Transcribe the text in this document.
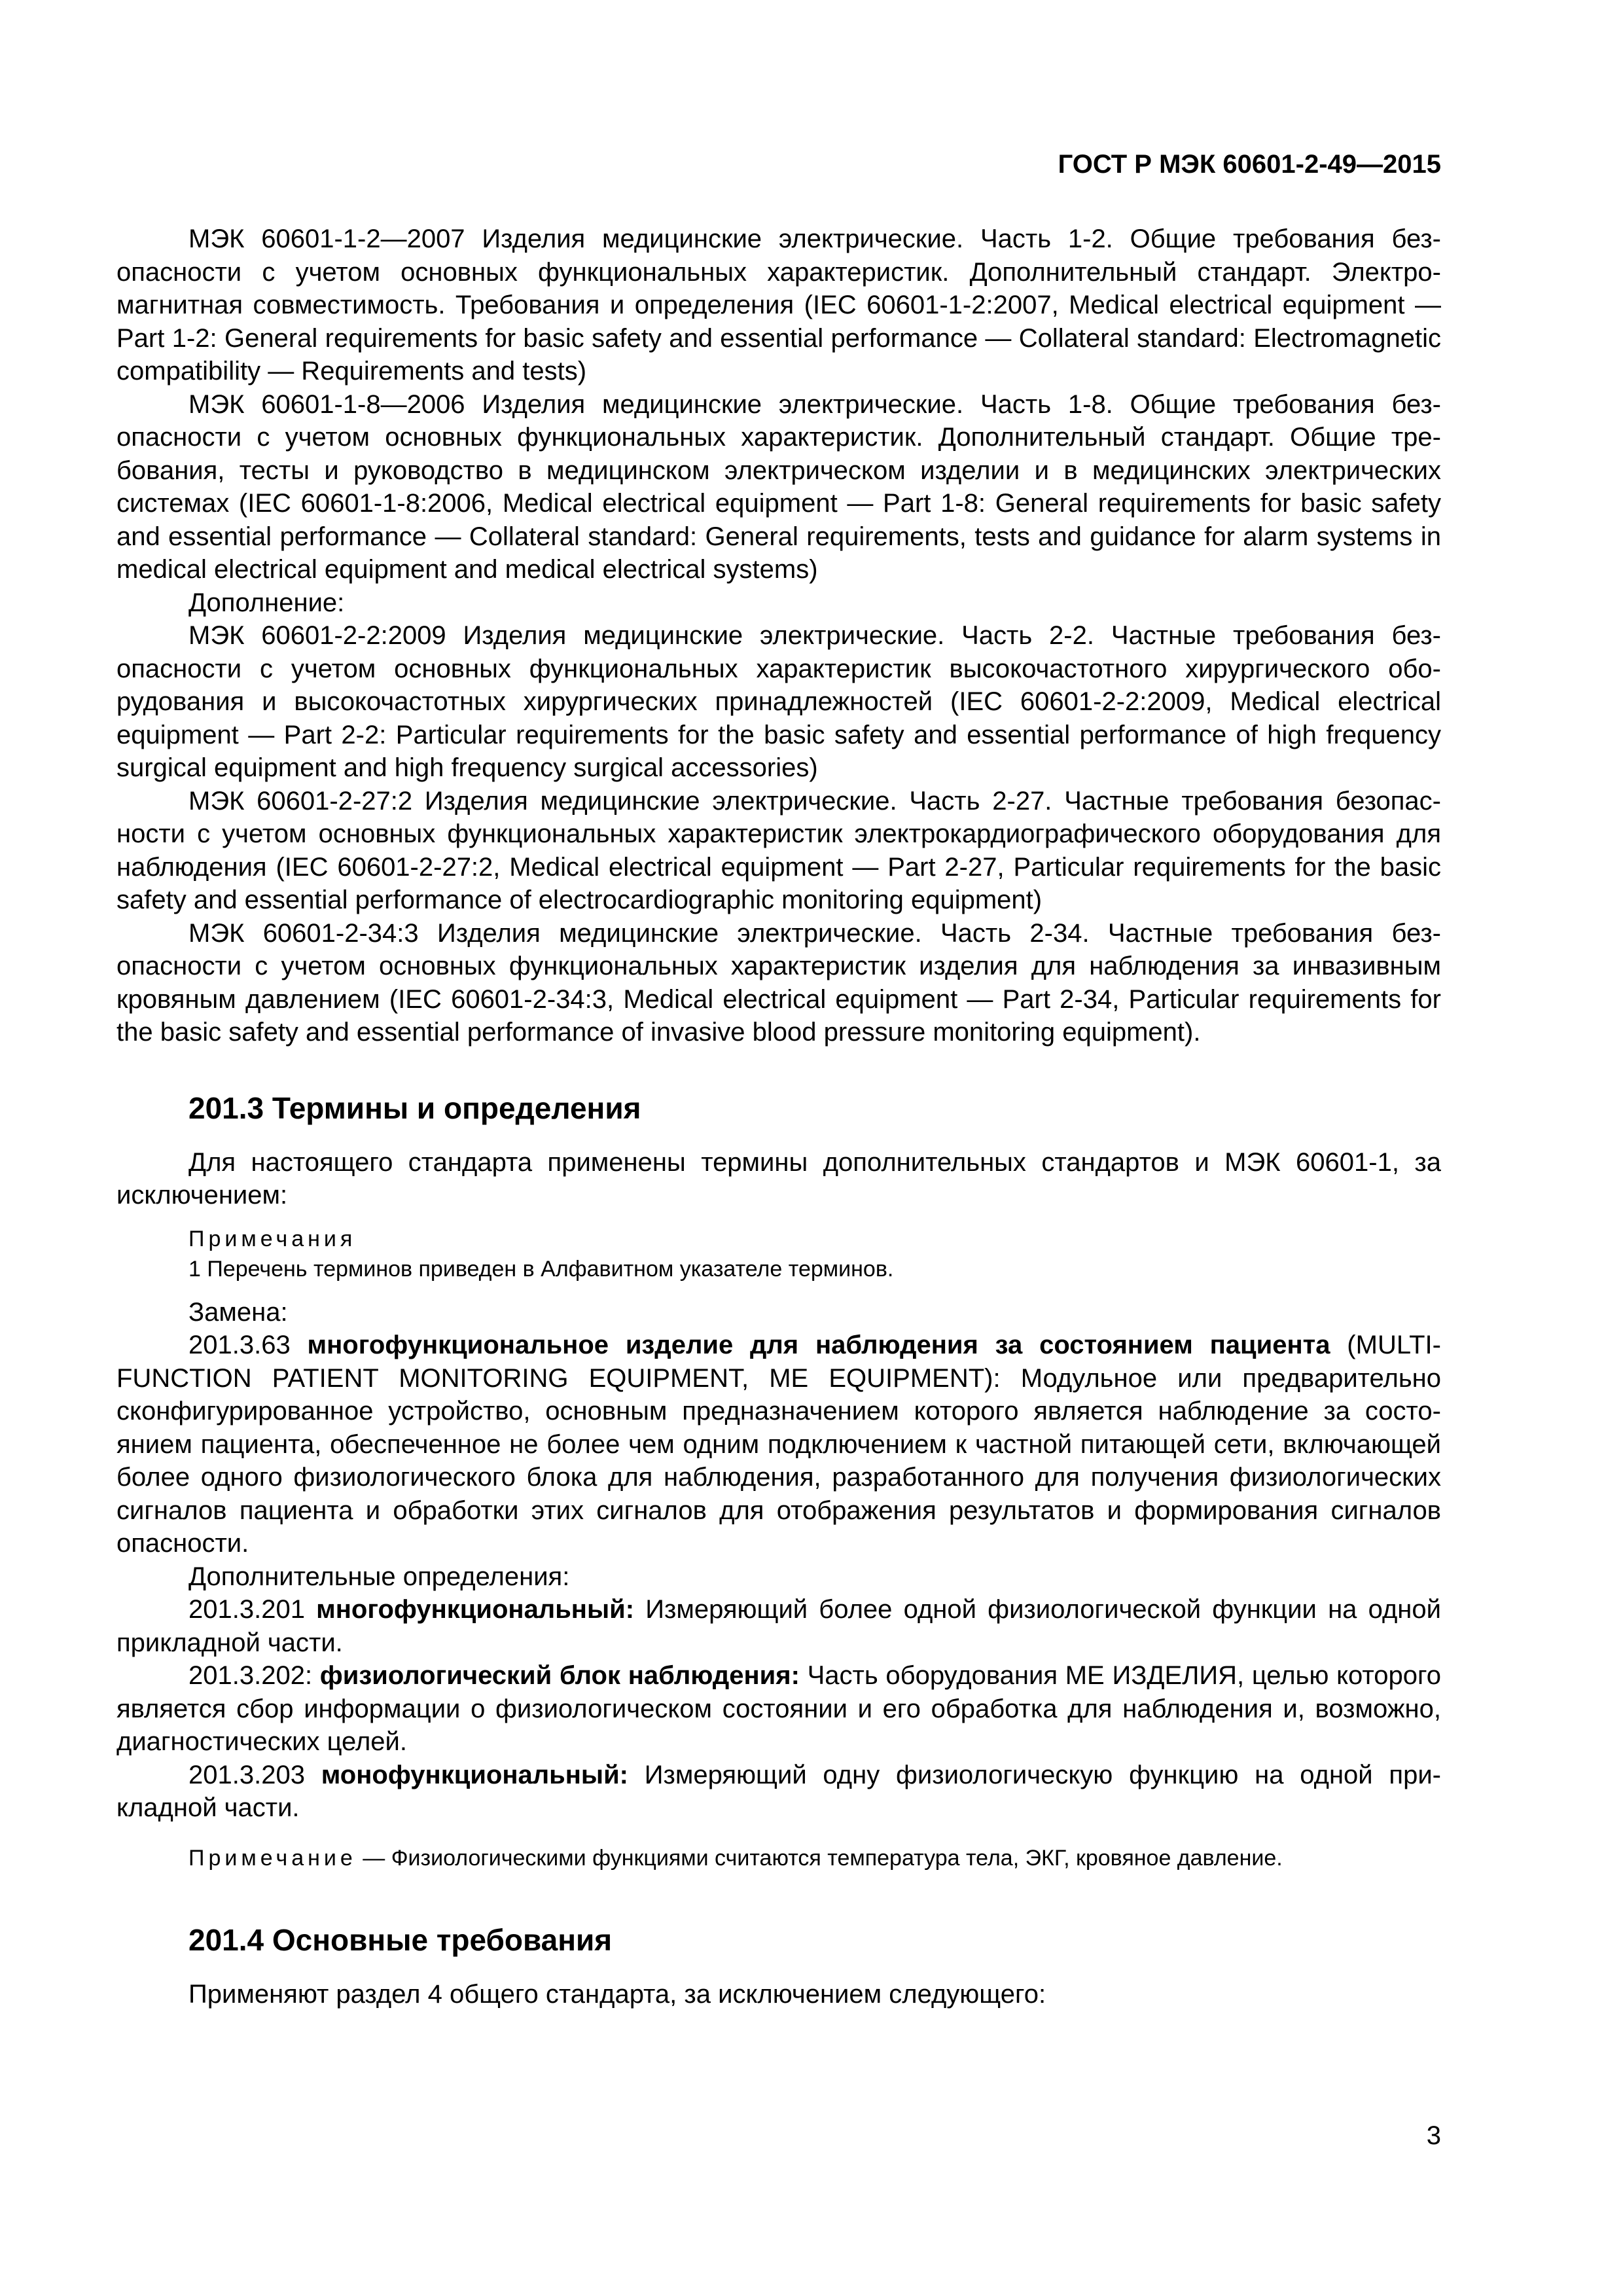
ГОСТ Р МЭК 60601-2-49—2015

МЭК 60601-1-2—2007 Изделия медицинские электрические. Часть 1-2. Общие требования безопасности с учетом основных функциональных характеристик. Дополнительный стандарт. Электромагнитная совместимость. Требования и определения (IEC 60601-1-2:2007, Medical electrical equipment — Part 1-2: General requirements for basic safety and essential performance — Collateral standard: Electromagnetic compatibility — Requirements and tests)

МЭК 60601-1-8—2006 Изделия медицинские электрические. Часть 1-8. Общие требования безопасности с учетом основных функциональных характеристик. Дополнительный стандарт. Общие требования, тесты и руководство в медицинском электрическом изделии и в медицинских электрических системах (IEC 60601-1-8:2006, Medical electrical equipment — Part 1-8: General requirements for basic safety and essential performance — Collateral standard: General requirements, tests and guidance for alarm systems in medical electrical equipment and medical electrical systems)

Дополнение:

МЭК 60601-2-2:2009 Изделия медицинские электрические. Часть 2-2. Частные требования безопасности с учетом основных функциональных характеристик высокочастотного хирургического оборудования и высокочастотных хирургических принадлежностей (IEC 60601-2-2:2009, Medical electrical equipment — Part 2-2: Particular requirements for the basic safety and essential performance of high frequency surgical equipment and high frequency surgical accessories)

МЭК 60601-2-27:2 Изделия медицинские электрические. Часть 2-27. Частные требования безопасности с учетом основных функциональных характеристик электрокардиографического оборудования для наблюдения (IEC 60601-2-27:2, Medical electrical equipment — Part 2-27, Particular requirements for the basic safety and essential performance of electrocardiographic monitoring equipment)

МЭК 60601-2-34:3 Изделия медицинские электрические. Часть 2-34. Частные требования безопасности с учетом основных функциональных характеристик изделия для наблюдения за инвазивным кровяным давлением (IEC 60601-2-34:3, Medical electrical equipment — Part 2-34, Particular requirements for the basic safety and essential performance of invasive blood pressure monitoring equipment).

201.3 Термины и определения

Для настоящего стандарта применены термины дополнительных стандартов и МЭК 60601-1, за исключением:

Примечания

1 Перечень терминов приведен в Алфавитном указателе терминов.

Замена:

201.3.63 многофункциональное изделие для наблюдения за состоянием пациента (MULTIFUNCTION PATIENT MONITORING EQUIPMENT, ME EQUIPMENT): Модульное или предварительно сконфигурированное устройство, основным предназначением которого является наблюдение за состоянием пациента, обеспеченное не более чем одним подключением к частной питающей сети, включающей более одного физиологического блока для наблюдения, разработанного для получения физиологических сигналов пациента и обработки этих сигналов для отображения результатов и формирования сигналов опасности.

Дополнительные определения:

201.3.201 многофункциональный: Измеряющий более одной физиологической функции на одной прикладной части.

201.3.202: физиологический блок наблюдения: Часть оборудования ME ИЗДЕЛИЯ, целью которого является сбор информации о физиологическом состоянии и его обработка для наблюдения и, возможно, диагностических целей.

201.3.203 монофункциональный: Измеряющий одну физиологическую функцию на одной прикладной части.

Примечание — Физиологическими функциями считаются температура тела, ЭКГ, кровяное давление.

201.4 Основные требования

Применяют раздел 4 общего стандарта, за исключением следующего:

3
